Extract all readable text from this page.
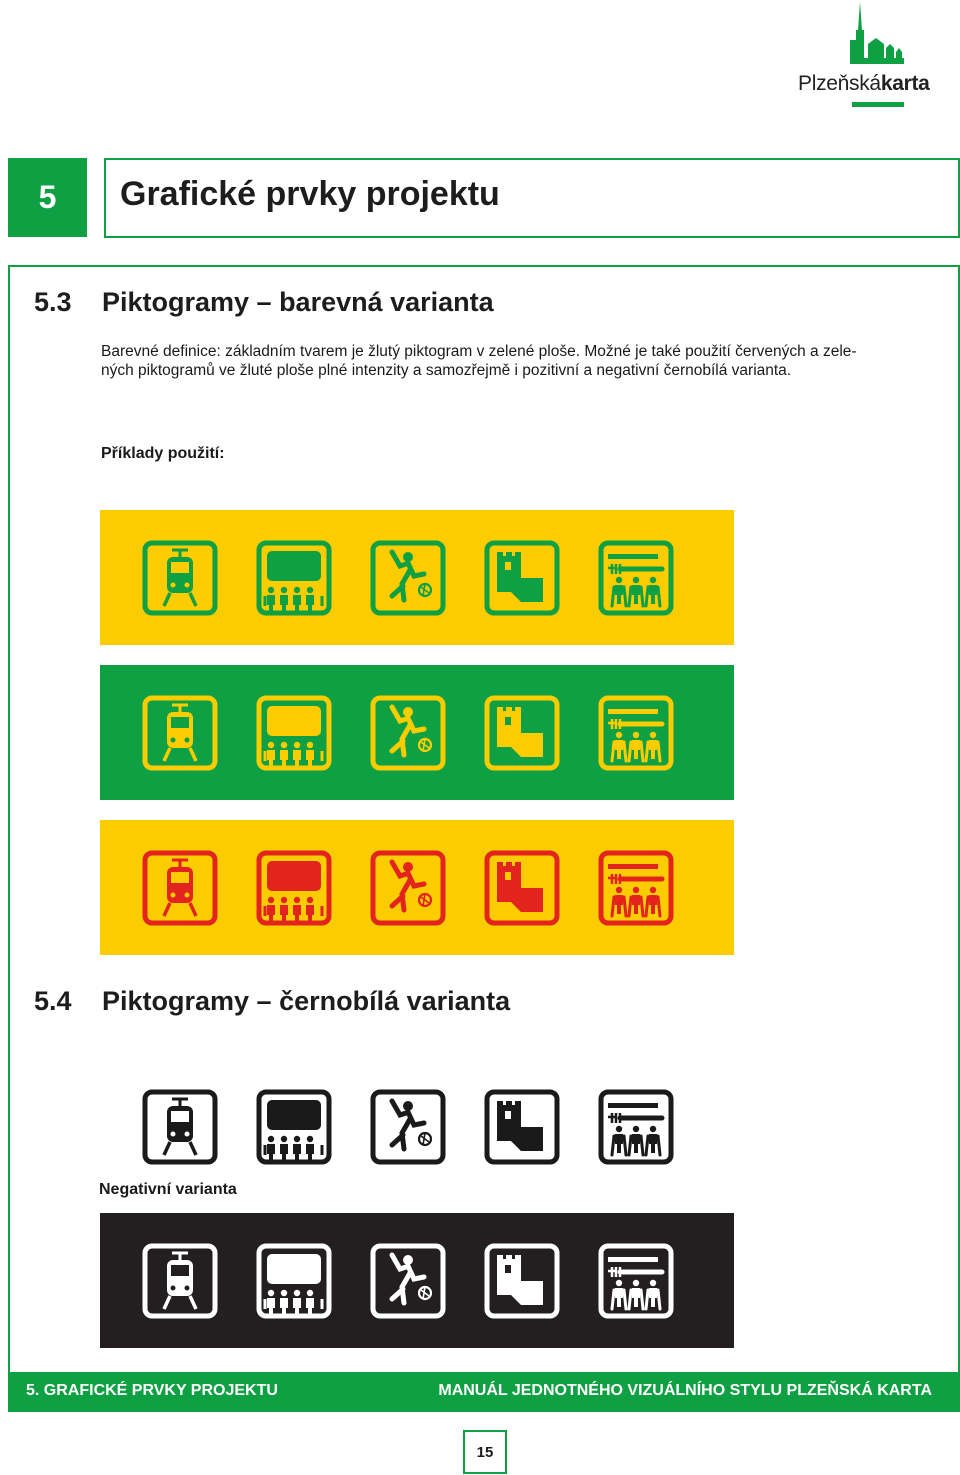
Plzeňskákarta
5	Grafické prvky projektu
5.3 Piktogramy – barevná varianta
Barevné definice: základním tvarem je žlutý piktogram v zelené ploše. Možné je také použití červených a zele-
ných piktogramů ve žluté ploše plné intenzity a samozřejmě i pozitivní a negativní černobílá varianta.
Příklady použití:
5.4 Piktogramy – černobílá varianta
Negativní varianta
5. GRAFICKÉ PRVKY PROJEKTU	MANUÁL JEDNOTNÉHO VIZUÁLNÍHO STYLU PLZEŇSKÁ KARTA
15
